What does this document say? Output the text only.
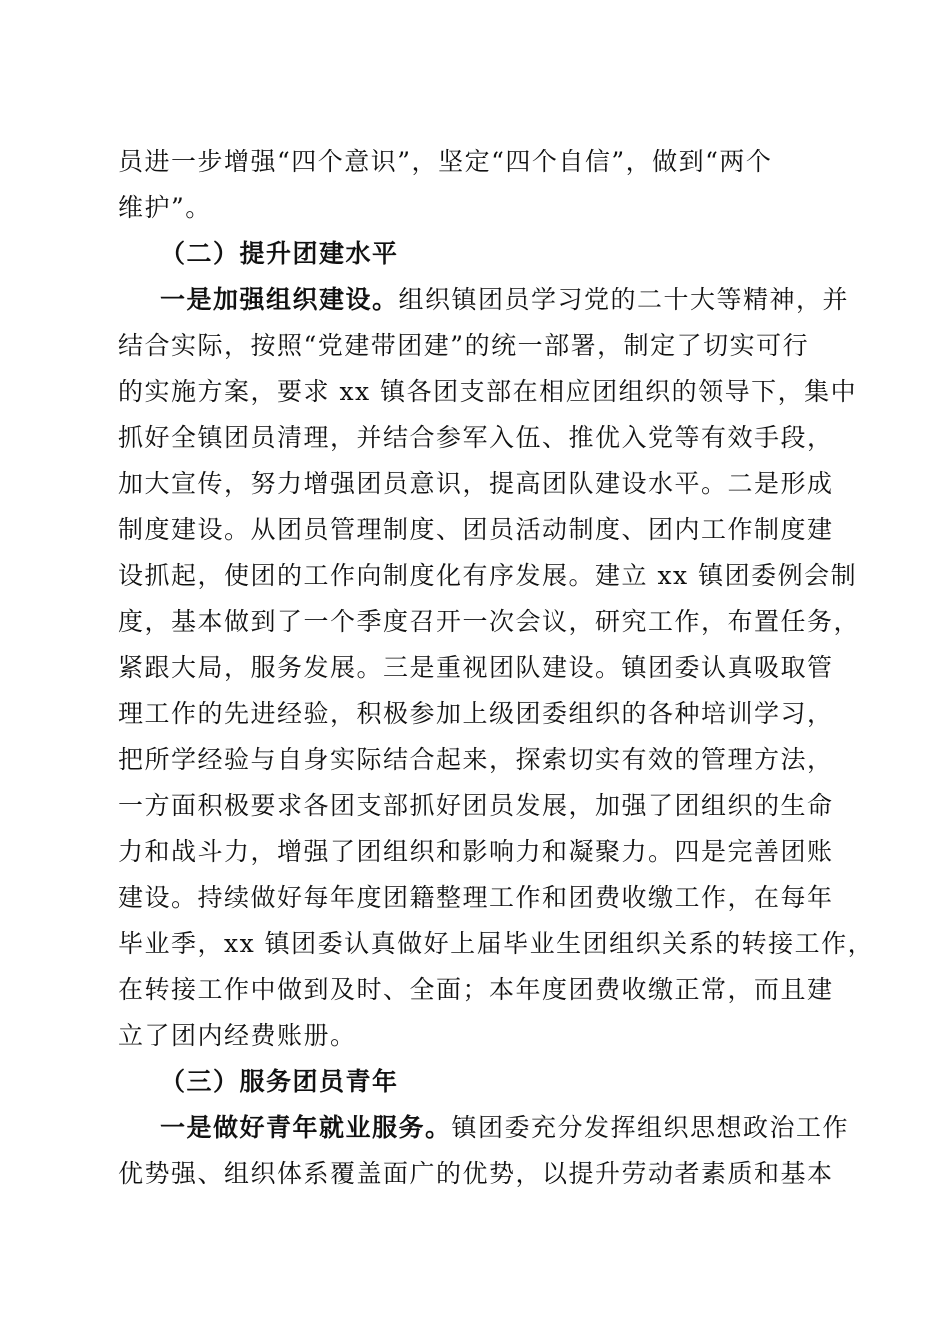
员进一步增强“四个意识”，坚定“四个自信”，做到“两个
维护”。
（二）提升团建水平
一是加强组织建设。组织镇团员学习党的二十大等精神，并
结合实际，按照“党建带团建”的统一部署，制定了切实可行
的实施方案，要求 xx 镇各团支部在相应团组织的领导下，集中
抓好全镇团员清理，并结合参军入伍、推优入党等有效手段，
加大宣传，努力增强团员意识，提高团队建设水平。二是形成
制度建设。从团员管理制度、团员活动制度、团内工作制度建
设抓起，使团的工作向制度化有序发展。建立 xx 镇团委例会制
度，基本做到了一个季度召开一次会议，研究工作，布置任务，
紧跟大局，服务发展。三是重视团队建设。镇团委认真吸取管
理工作的先进经验，积极参加上级团委组织的各种培训学习，
把所学经验与自身实际结合起来，探索切实有效的管理方法，
一方面积极要求各团支部抓好团员发展，加强了团组织的生命
力和战斗力，增强了团组织和影响力和凝聚力。四是完善团账
建设。持续做好每年度团籍整理工作和团费收缴工作，在每年
毕业季，xx 镇团委认真做好上届毕业生团组织关系的转接工作，
在转接工作中做到及时、全面；本年度团费收缴正常，而且建
立了团内经费账册。
（三）服务团员青年
一是做好青年就业服务。镇团委充分发挥组织思想政治工作
优势强、组织体系覆盖面广的优势，以提升劳动者素质和基本
